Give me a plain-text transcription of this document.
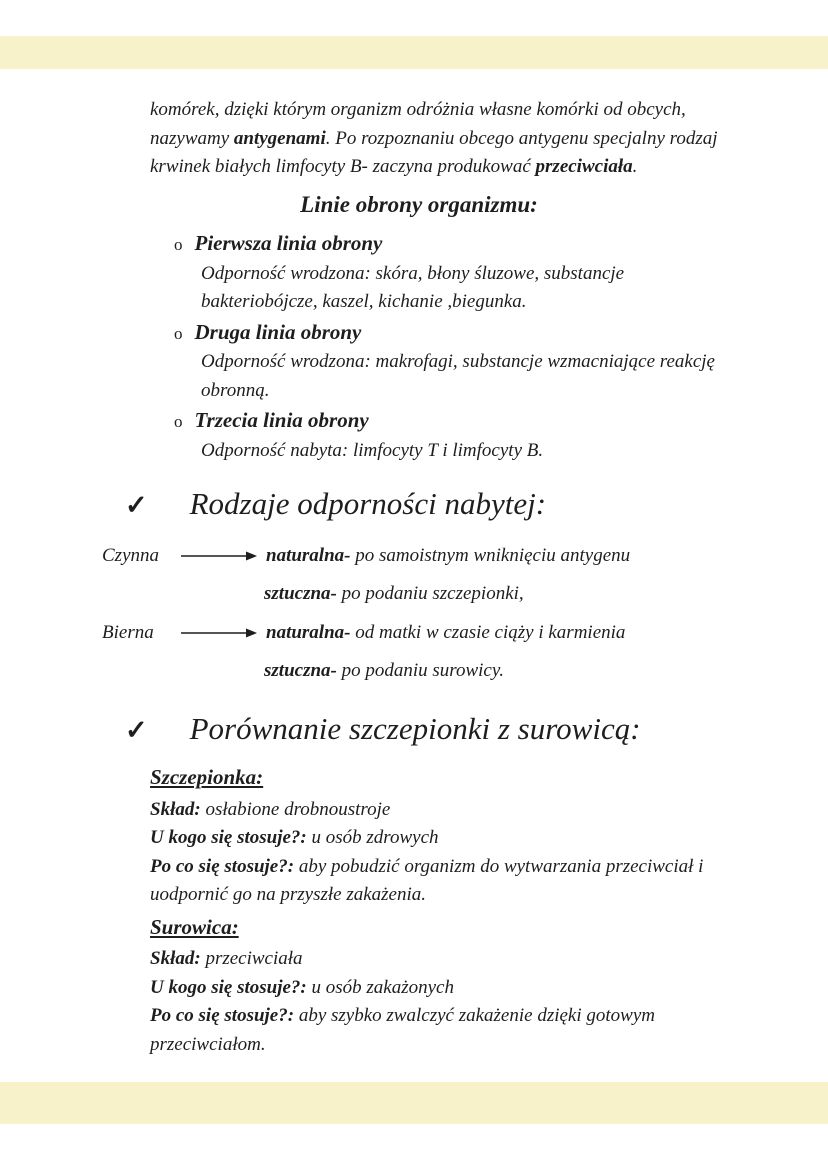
komórek, dzięki którym organizm odróżnia własne komórki od obcych, nazywamy antygenami. Po rozpoznaniu obcego antygenu specjalny rodzaj krwinek białych limfocyty B- zaczyna produkować przeciwciała.

Linie obrony organizmu:
o Pierwsza linia obrony

Odporność wrodzona: skóra, błony śluzowe, substancje bakteriobójcze, kaszel, kichanie ,biegunka.

o Druga linia obrony

Odporność wrodzona: makrofagi, substancje wzmacniające reakcję obronną.

o Trzecia linia obrony

Odporność nabyta: limfocyty T i limfocyty B.

✓ Rodzaje odporności nabytej:
Czynna	naturalna- po samoistnym wniknięciu antygenu
sztuczna- po podaniu szczepionki,
Bierna	naturalna- od matki w czasie ciąży i karmienia
sztuczna- po podaniu surowicy.
✓ Porównanie szczepionki z surowicą:
Szczepionka:

Skład: osłabione drobnoustroje

U kogo się stosuje?: u osób zdrowych

Po co się stosuje?: aby pobudzić organizm do wytwarzania przeciwciał i uodpornić go na przyszłe zakażenia.

Surowica:

Skład: przeciwciała

U kogo się stosuje?: u osób zakażonych

Po co się stosuje?: aby szybko zwalczyć zakażenie dzięki gotowym przeciwciałom.
